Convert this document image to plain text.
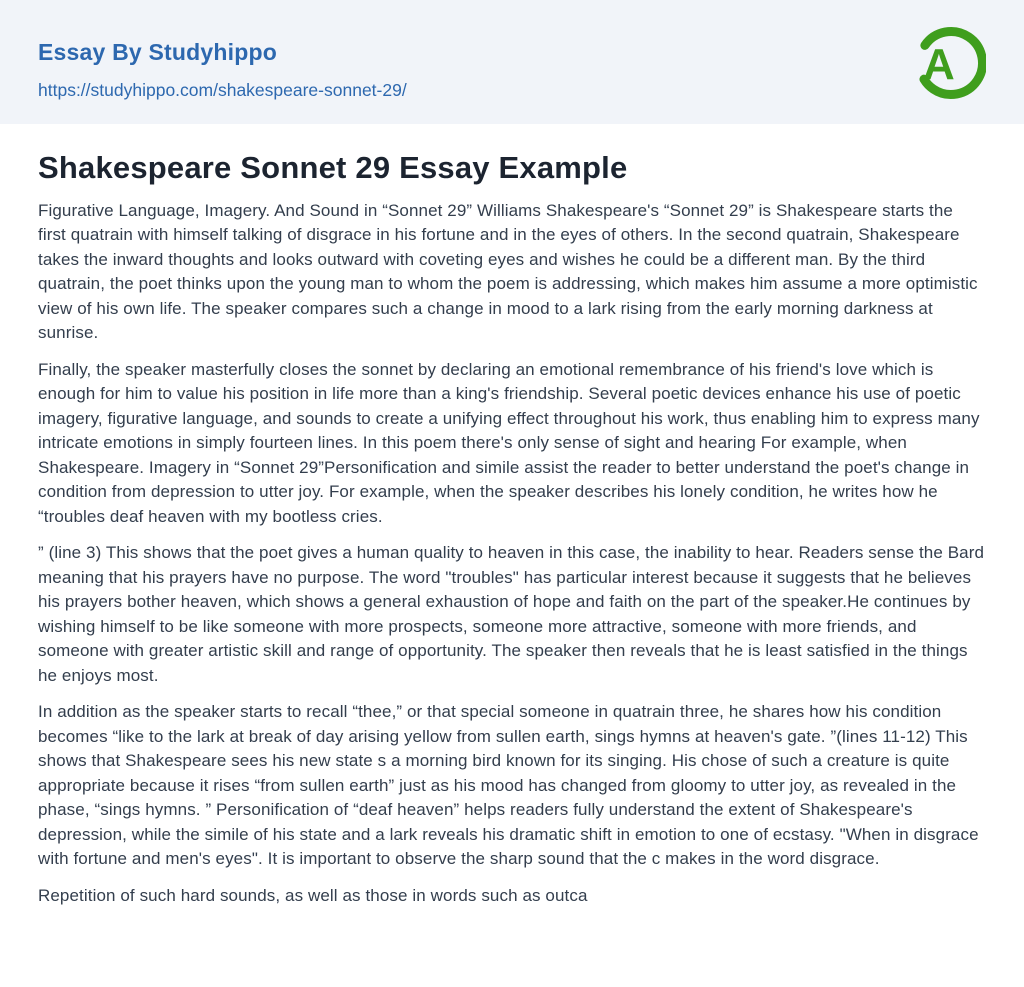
Essay By Studyhippo
https://studyhippo.com/shakespeare-sonnet-29/
A
Shakespeare Sonnet 29 Essay Example

Figurative Language, Imagery. And Sound in “Sonnet 29” Williams Shakespeare's “Sonnet 29” is Shakespeare starts the first quatrain with himself talking of disgrace in his fortune and in the eyes of others. In the second quatrain, Shakespeare takes the inward thoughts and looks outward with coveting eyes and wishes he could be a different man. By the third quatrain, the poet thinks upon the young man to whom the poem is addressing, which makes him assume a more optimistic view of his own life. The speaker compares such a change in mood to a lark rising from the early morning darkness at sunrise.

Finally, the speaker masterfully closes the sonnet by declaring an emotional remembrance of his friend's love which is enough for him to value his position in life more than a king's friendship. Several poetic devices enhance his use of poetic imagery, figurative language, and sounds to create a unifying effect throughout his work, thus enabling him to express many intricate emotions in simply fourteen lines. In this poem there's only sense of sight and hearing For example, when Shakespeare. Imagery in “Sonnet 29”Personification and simile assist the reader to better understand the poet's change in condition from depression to utter joy. For example, when the speaker describes his lonely condition, he writes how he “troubles deaf heaven with my bootless cries.

” (line 3) This shows that the poet gives a human quality to heaven in this case, the inability to hear. Readers sense the Bard meaning that his prayers have no purpose. The word "troubles" has particular interest because it suggests that he believes his prayers bother heaven, which shows a general exhaustion of hope and faith on the part of the speaker.He continues by wishing himself to be like someone with more prospects, someone more attractive, someone with more friends, and someone with greater artistic skill and range of opportunity. The speaker then reveals that he is least satisfied in the things he enjoys most.

In addition as the speaker starts to recall “thee,” or that special someone in quatrain three, he shares how his condition becomes “like to the lark at break of day arising yellow from sullen earth, sings hymns at heaven's gate. ”(lines 11-12) This shows that Shakespeare sees his new state s a morning bird known for its singing. His chose of such a creature is quite appropriate because it rises “from sullen earth” just as his mood has changed from gloomy to utter joy, as revealed in the phase, “sings hymns. ” Personification of “deaf heaven” helps readers fully understand the extent of Shakespeare's depression, while the simile of his state and a lark reveals his dramatic shift in emotion to one of ecstasy. "When in disgrace with fortune and men's eyes". It is important to observe the sharp sound that the c makes in the word disgrace.

Repetition of such hard sounds, as well as those in words such as outca
